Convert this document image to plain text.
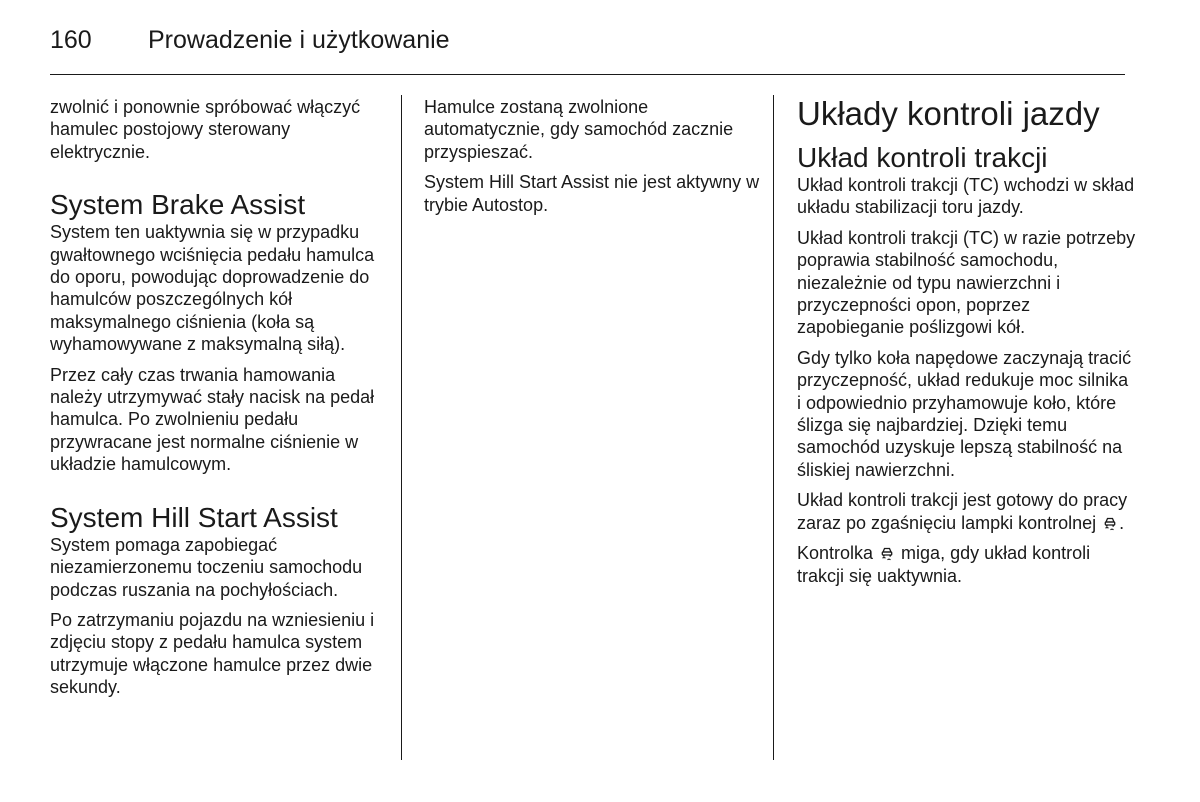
160 Prowadzenie i użytkowanie

zwolnić i ponownie spróbować włączyć hamulec postojowy sterowany elektrycznie.

System Brake Assist

System ten uaktywnia się w przypadku gwałtownego wciśnięcia pedału hamulca do oporu, powodując doprowadzenie do hamulców poszczególnych kół maksymalnego ciśnienia (koła są wyhamowywane z maksymalną siłą).

Przez cały czas trwania hamowania należy utrzymywać stały nacisk na pedał hamulca. Po zwolnieniu pedału przywracane jest normalne ciśnienie w układzie hamulcowym.

System Hill Start Assist

System pomaga zapobiegać niezamierzonemu toczeniu samochodu podczas ruszania na pochyłościach.

Po zatrzymaniu pojazdu na wzniesieniu i zdjęciu stopy z pedału hamulca system utrzymuje włączone hamulce przez dwie sekundy.

Hamulce zostaną zwolnione automatycznie, gdy samochód zacznie przyspieszać.

System Hill Start Assist nie jest aktywny w trybie Autostop.

Układy kontroli jazdy
Układ kontroli trakcji

Układ kontroli trakcji (TC) wchodzi w skład układu stabilizacji toru jazdy.

Układ kontroli trakcji (TC) w razie potrzeby poprawia stabilność samochodu, niezależnie od typu nawierzchni i przyczepności opon, poprzez zapobieganie poślizgowi kół.

Gdy tylko koła napędowe zaczynają tracić przyczepność, układ redukuje moc silnika i odpowiednio przyhamowuje koło, które ślizga się najbardziej. Dzięki temu samochód uzyskuje lepszą stabilność na śliskiej nawierzchni.

Układ kontroli trakcji jest gotowy do pracy zaraz po zgaśnięciu lampki kontrolnej .

Kontrolka  miga, gdy układ kontroli trakcji się uaktywnia.
